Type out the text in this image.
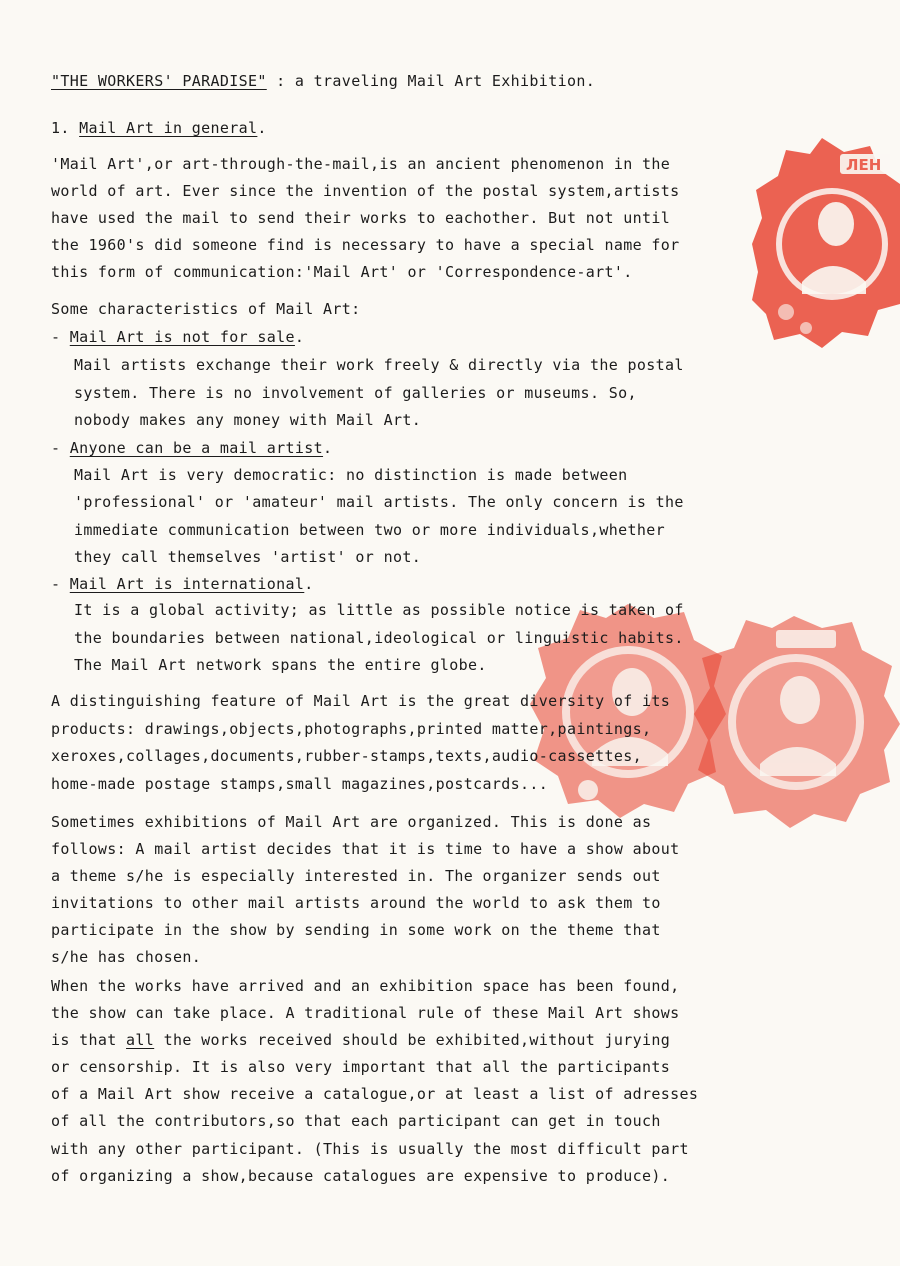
ЛЕН
"THE WORKERS' PARADISE" : a traveling Mail Art Exhibition.
1. Mail Art in general.
'Mail Art',or art-through-the-mail,is an ancient phenomenon in the
world of art. Ever since the invention of the postal system,artists
have used the mail to send their works to eachother. But not until
the 1960's did someone find is necessary to have a special name for
this form of communication:'Mail Art' or 'Correspondence-art'.
Some characteristics of Mail Art:
- Mail Art is not for sale.
Mail artists exchange their work freely & directly via the postal
system. There is no involvement of galleries or museums. So,
nobody makes any money with Mail Art.
- Anyone can be a mail artist.
Mail Art is very democratic: no distinction is made between
'professional' or 'amateur' mail artists. The only concern is the
immediate communication between two or more individuals,whether
they call themselves 'artist' or not.
- Mail Art is international.
It is a global activity; as little as possible notice is taken of
the boundaries between national,ideological or linguistic habits.
The Mail Art network spans the entire globe.
A distinguishing feature of Mail Art is the great diversity of its
products: drawings,objects,photographs,printed matter,paintings,
xeroxes,collages,documents,rubber-stamps,texts,audio-cassettes,
home-made postage stamps,small magazines,postcards...
Sometimes exhibitions of Mail Art are organized. This is done as
follows: A mail artist decides that it is time to have a show about
a theme s/he is especially interested in. The organizer sends out
invitations to other mail artists around the world to ask them to
participate in the show by sending in some work on the theme that
s/he has chosen.
When the works have arrived and an exhibition space has been found,
the show can take place. A traditional rule of these Mail Art shows
is that all the works received should be exhibited,without jurying
or censorship. It is also very important that all the participants
of a Mail Art show receive a catalogue,or at least a list of adresses
of all the contributors,so that each participant can get in touch
with any other participant. (This is usually the most difficult part
of organizing a show,because catalogues are expensive to produce).
